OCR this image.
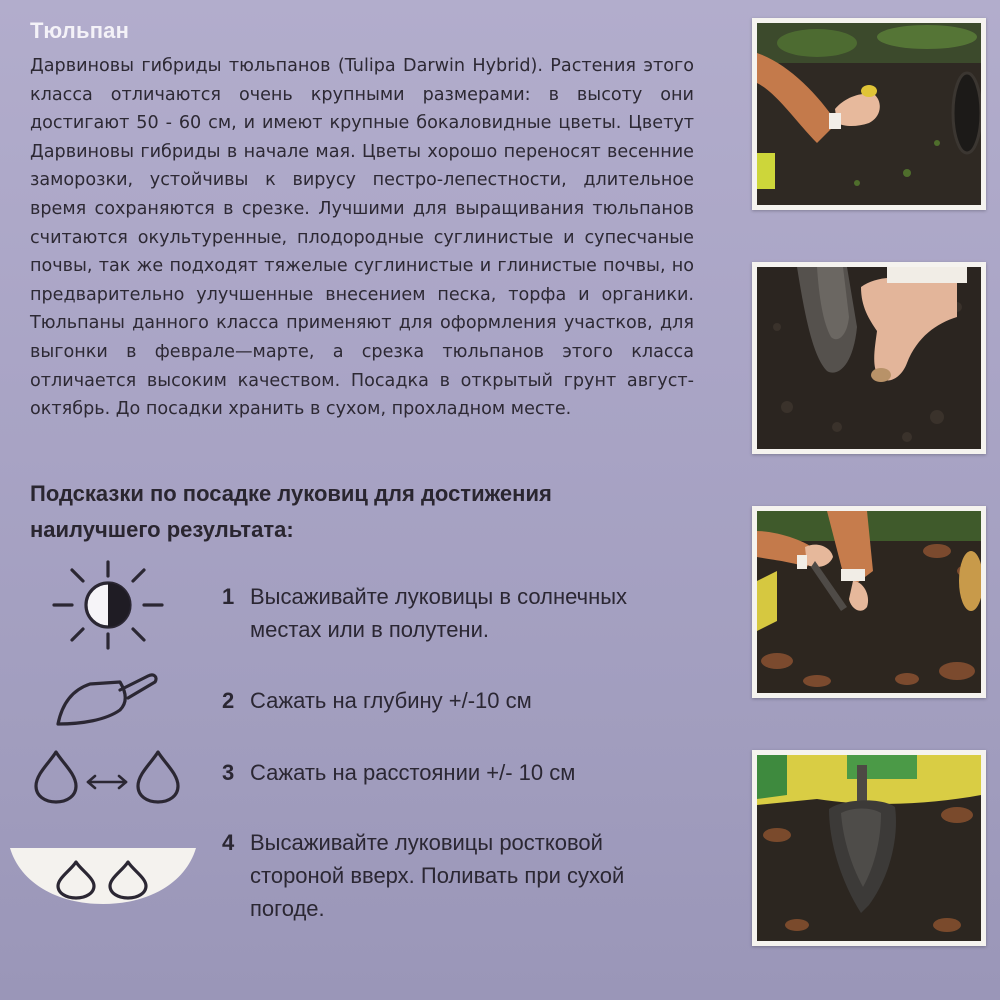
Тюльпан
Дарвиновы гибриды тюльпанов (Tulipa Darwin Hybrid). Растения этого класса отличаются очень крупными размерами: в высоту они достигают 50 - 60 см, и имеют крупные бокаловидные цветы. Цветут Дарвиновы гибриды в начале мая. Цветы хорошо переносят весенние заморозки, устойчивы к вирусу пестро-лепестности, длительное время сохраняются в срезке. Лучшими для выращивания тюльпанов считаются окультуренные, плодородные суглинистые и супесчаные почвы, так же подходят тяжелые суглинистые и глинистые почвы, но предварительно улучшенные внесением песка, торфа и органики. Тюльпаны данного класса применяют для оформления участков, для выгонки в феврале—марте, а срезка тюльпанов этого класса отличается высоким качеством. Посадка в открытый грунт август-октябрь. До посадки хранить в сухом, прохладном месте.
Подсказки по посадке луковиц для достижения наилучшего результата:
1 Высаживайте луковицы в солнечных местах или в полутени.
2 Сажать на глубину +/-10 см
3 Сажать на расстоянии +/- 10 см
4 Высаживайте луковицы ростковой стороной вверх. Поливать при сухой погоде.
